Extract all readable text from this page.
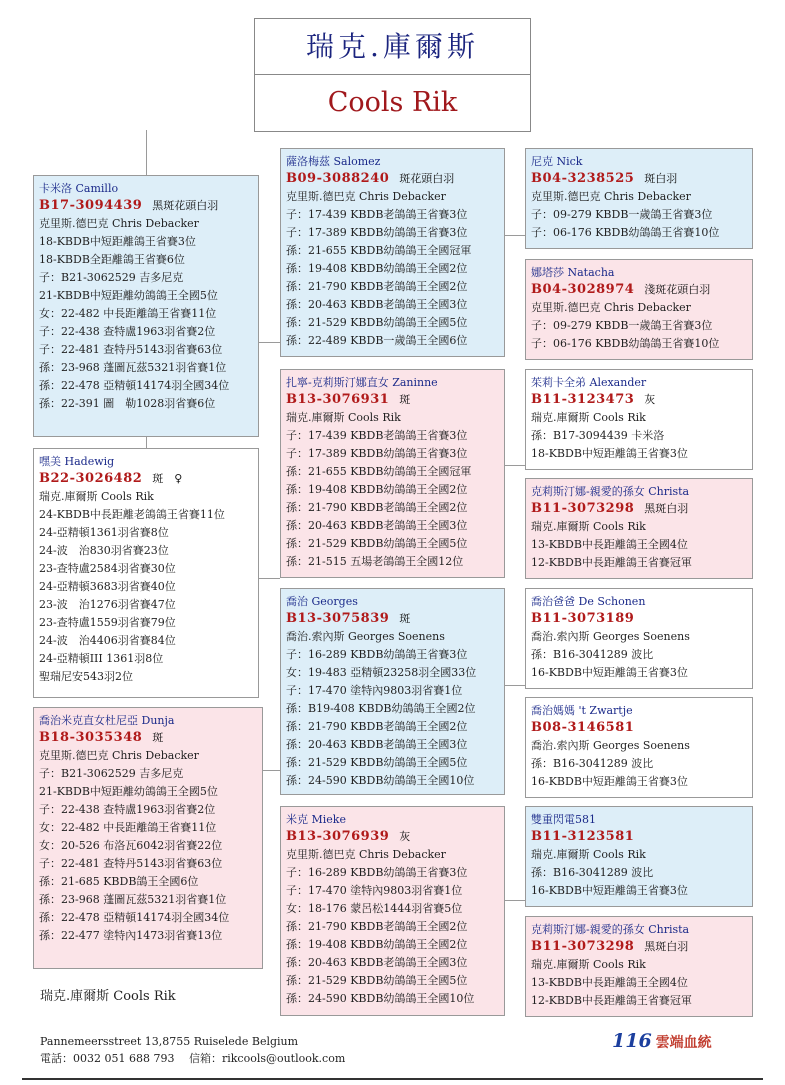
瑞克.庫爾斯
Cools Rik
卡米洛 Camillo
B17-3094439 黑斑花頭白羽
克里斯.德巴克 Chris Debacker
18-KBDB中短距離鴿王省賽3位
18-KBDB全距離鴿王省賽6位
子：B21-3062529 吉多尼克
21-KBDB中短距離幼鴿鴿王全國5位
女：22-482 中長距離鴿王省賽11位
子：22-438 查特盧1963羽省賽2位
子：22-481 查特丹5143羽省賽63位
孫：23-968 蓬圖瓦茲5321羽省賽1位
孫：22-478 亞精頓14174羽全國34位
孫：22-391 圖　勒1028羽省賽6位
嘿美 Hadewig
B22-3026482 斑　♀
瑞克.庫爾斯 Cools Rik
24-KBDB中長距離老鴿鴿王省賽11位
24-亞精頓1361羽省賽8位
24-波　治830羽省賽23位
23-查特盧2584羽省賽30位
24-亞精頓3683羽省賽40位
23-波　治1276羽省賽47位
23-查特盧1559羽省賽79位
24-波　治4406羽省賽84位
24-亞精頓III 1361羽8位
聖瑞尼安543羽2位
喬治米克直女杜尼亞 Dunja
B18-3035348 斑
克里斯.德巴克 Chris Debacker
子：B21-3062529 吉多尼克
21-KBDB中短距離幼鴿鴿王全國5位
子：22-438 查特盧1963羽省賽2位
女：22-482 中長距離鴿王省賽11位
女：20-526 布洛瓦6042羽省賽22位
子：22-481 查特丹5143羽省賽63位
孫：21-685 KBDB鴿王全國6位
孫：23-968 蓬圖瓦茲5321羽省賽1位
孫：22-478 亞精頓14174羽全國34位
孫：22-477 塗特內1473羽省賽13位
薩洛梅茲 Salomez
B09-3088240 斑花頭白羽
克里斯.德巴克 Chris Debacker
子：17-439 KBDB老鴿鴿王省賽3位
子：17-389 KBDB幼鴿鴿王省賽3位
孫：21-655 KBDB幼鴿鴿王全國冠軍
孫：19-408 KBDB幼鴿鴿王全國2位
孫：21-790 KBDB老鴿鴿王全國2位
孫：20-463 KBDB老鴿鴿王全國3位
孫：21-529 KBDB幼鴿鴿王全國5位
孫：22-489 KBDB一歲鴿王全國6位
扎寧-克莉斯汀娜直女 Zaninne
B13-3076931 斑
瑞克.庫爾斯 Cools Rik
子：17-439 KBDB老鴿鴿王省賽3位
子：17-389 KBDB幼鴿鴿王省賽3位
孫：21-655 KBDB幼鴿鴿王全國冠軍
孫：19-408 KBDB幼鴿鴿王全國2位
孫：21-790 KBDB老鴿鴿王全國2位
孫：20-463 KBDB老鴿鴿王全國3位
孫：21-529 KBDB幼鴿鴿王全國5位
孫：21-515 五場老鴿鴿王全國12位
喬治 Georges
B13-3075839 斑
喬治.索內斯 Georges Soenens
子：16-289 KBDB幼鴿鴿王省賽3位
女：19-483 亞精頓23258羽全國33位
子：17-470 塗特內9803羽省賽1位
孫：B19-408 KBDB幼鴿鴿王全國2位
孫：21-790 KBDB老鴿鴿王全國2位
孫：20-463 KBDB老鴿鴿王全國3位
孫：21-529 KBDB幼鴿鴿王全國5位
孫：24-590 KBDB幼鴿鴿王全國10位
米克 Mieke
B13-3076939 灰
克里斯.德巴克 Chris Debacker
子：16-289 KBDB幼鴿鴿王省賽3位
子：17-470 塗特內9803羽省賽1位
女：18-176 蒙呂松1444羽省賽5位
孫：21-790 KBDB老鴿鴿王全國2位
孫：19-408 KBDB幼鴿鴿王全國2位
孫：20-463 KBDB老鴿鴿王全國3位
孫：21-529 KBDB幼鴿鴿王全國5位
孫：24-590 KBDB幼鴿鴿王全國10位
尼克 Nick
B04-3238525 斑白羽
克里斯.德巴克 Chris Debacker
子：09-279 KBDB一歲鴿王省賽3位
子：06-176 KBDB幼鴿鴿王省賽10位
娜塔莎 Natacha
B04-3028974 淺斑花頭白羽
克里斯.德巴克 Chris Debacker
子：09-279 KBDB一歲鴿王省賽3位
子：06-176 KBDB幼鴿鴿王省賽10位
茱莉卡全弟 Alexander
B11-3123473 灰
瑞克.庫爾斯 Cools Rik
孫：B17-3094439 卡米洛
18-KBDB中短距離鴿王省賽3位
克莉斯汀娜-親愛的孫女 Christa
B11-3073298 黑斑白羽
瑞克.庫爾斯 Cools Rik
13-KBDB中長距離鴿王全國4位
12-KBDB中長距離鴿王省賽冠軍
喬治爸爸 De Schonen
B11-3073189
喬治.索內斯 Georges Soenens
孫：B16-3041289 波比
16-KBDB中短距離鴿王省賽3位
喬治媽媽 't Zwartje
B08-3146581
喬治.索內斯 Georges Soenens
孫：B16-3041289 波比
16-KBDB中短距離鴿王省賽3位
雙重閃電581
B11-3123581
瑞克.庫爾斯 Cools Rik
孫：B16-3041289 波比
16-KBDB中短距離鴿王省賽3位
克莉斯汀娜-親愛的孫女 Christa
B11-3073298 黑斑白羽
瑞克.庫爾斯 Cools Rik
13-KBDB中長距離鴿王全國4位
12-KBDB中長距離鴿王省賽冠軍
瑞克.庫爾斯 Cools Rik
Pannemeersstreet 13,8755 Ruiselede Belgium
電話：0032 051 688 793　 信箱：rikcools@outlook.com
116 雲端血統
